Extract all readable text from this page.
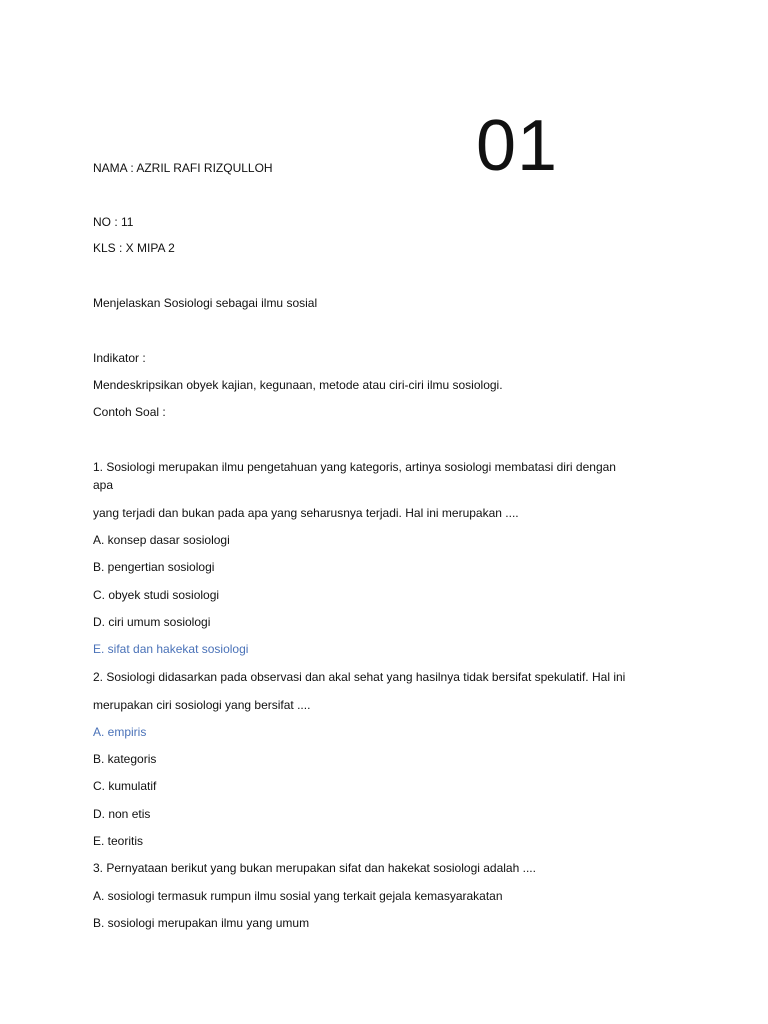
NAMA : AZRIL RAFI RIZQULLOH	01
NO : 11
KLS : X MIPA 2
Menjelaskan Sosiologi sebagai ilmu sosial
Indikator :
Mendeskripsikan obyek kajian, kegunaan, metode atau ciri-ciri ilmu sosiologi.
Contoh Soal :
1. Sosiologi merupakan ilmu pengetahuan yang kategoris, artinya sosiologi membatasi diri dengan
apa
yang terjadi dan bukan pada apa yang seharusnya terjadi. Hal ini merupakan ....
A. konsep dasar sosiologi
B. pengertian sosiologi
C. obyek studi sosiologi
D. ciri umum sosiologi
E. sifat dan hakekat sosiologi
2. Sosiologi didasarkan pada observasi dan akal sehat yang hasilnya tidak bersifat spekulatif. Hal ini
merupakan ciri sosiologi yang bersifat ....
A. empiris
B. kategoris
C. kumulatif
D. non etis
E. teoritis
3. Pernyataan berikut yang bukan merupakan sifat dan hakekat sosiologi adalah ....
A. sosiologi termasuk rumpun ilmu sosial yang terkait gejala kemasyarakatan
B. sosiologi merupakan ilmu yang umum
